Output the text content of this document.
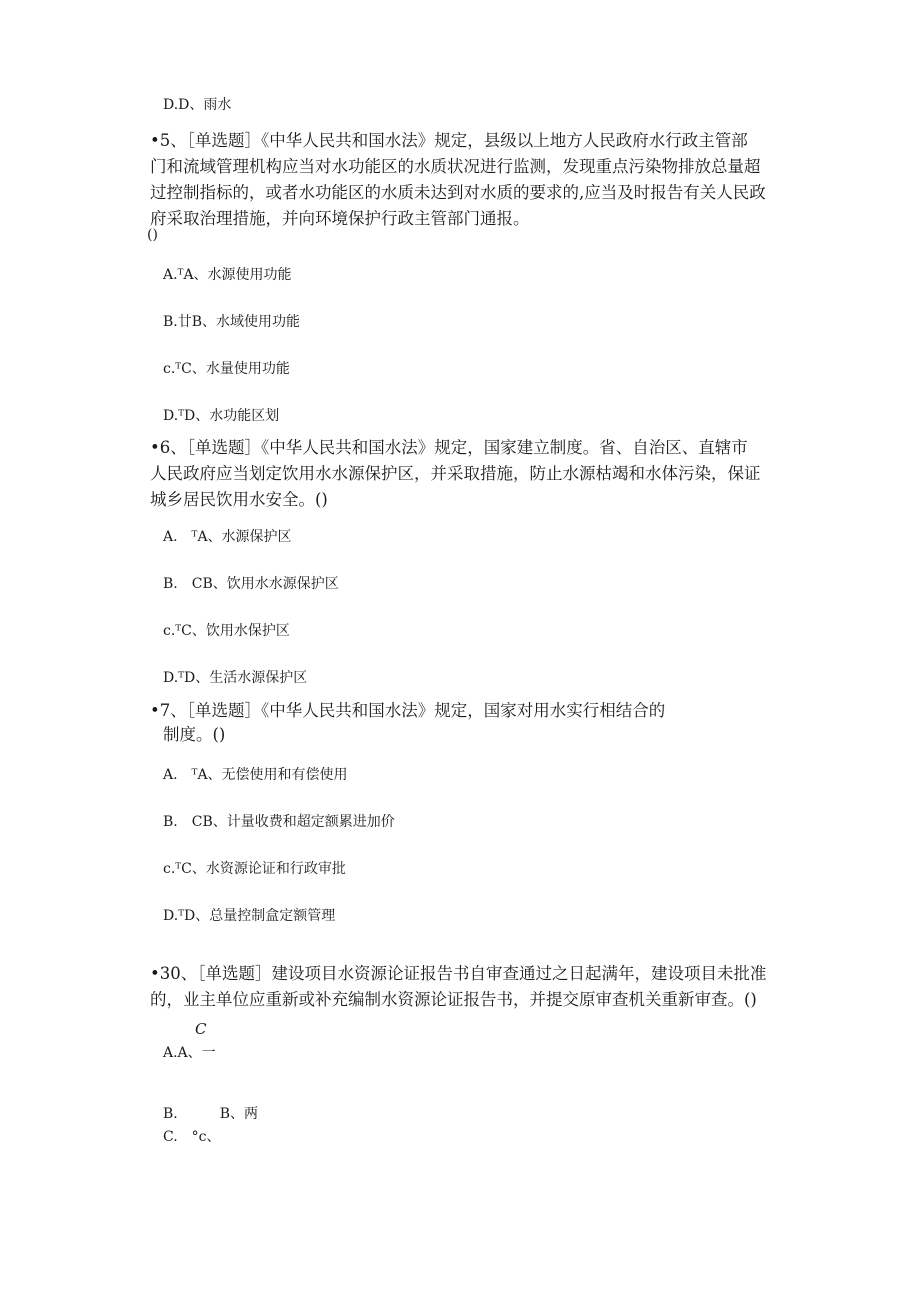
D.D、雨水
•5、［单选题］《中华人民共和国水法》规定，县级以上地方人民政府水行政主管部
门和流域管理机构应当对水功能区的水质状况进行监测，发现重点污染物排放总量超
过控制指标的，或者水功能区的水质未达到对水质的要求的,应当及时报告有关人民政
府采取治理措施，并向环境保护行政主管部门通报。
()
A.ᵀA、水源使用功能
B.廿B、水域使用功能
c.ᵀC、水量使用功能
D.ᵀD、水功能区划
•6、［单选题］《中华人民共和国水法》规定，国家建立制度。省、自治区、直辖市
人民政府应当划定饮用水水源保护区，并采取措施，防止水源枯竭和水体污染，保证
城乡居民饮用水安全。()
A.　ᵀA、水源保护区
B.　CB、饮用水水源保护区
c.ᵀC、饮用水保护区
D.ᵀD、生活水源保护区
•7、［单选题］《中华人民共和国水法》规定，国家对用水实行相结合的
制度。()
A.　ᵀA、无偿使用和有偿使用
B.　CB、计量收费和超定额累进加价
c.ᵀC、水资源论证和行政审批
D.ᵀD、总量控制盒定额管理
•30、［单选题］建设项目水资源论证报告书自审查通过之日起满年，建设项目未批准
的，业主单位应重新或补充编制水资源论证报告书，并提交原审查机关重新审查。()
C
A.A、一
B.　　　B、两
C.　°c、
